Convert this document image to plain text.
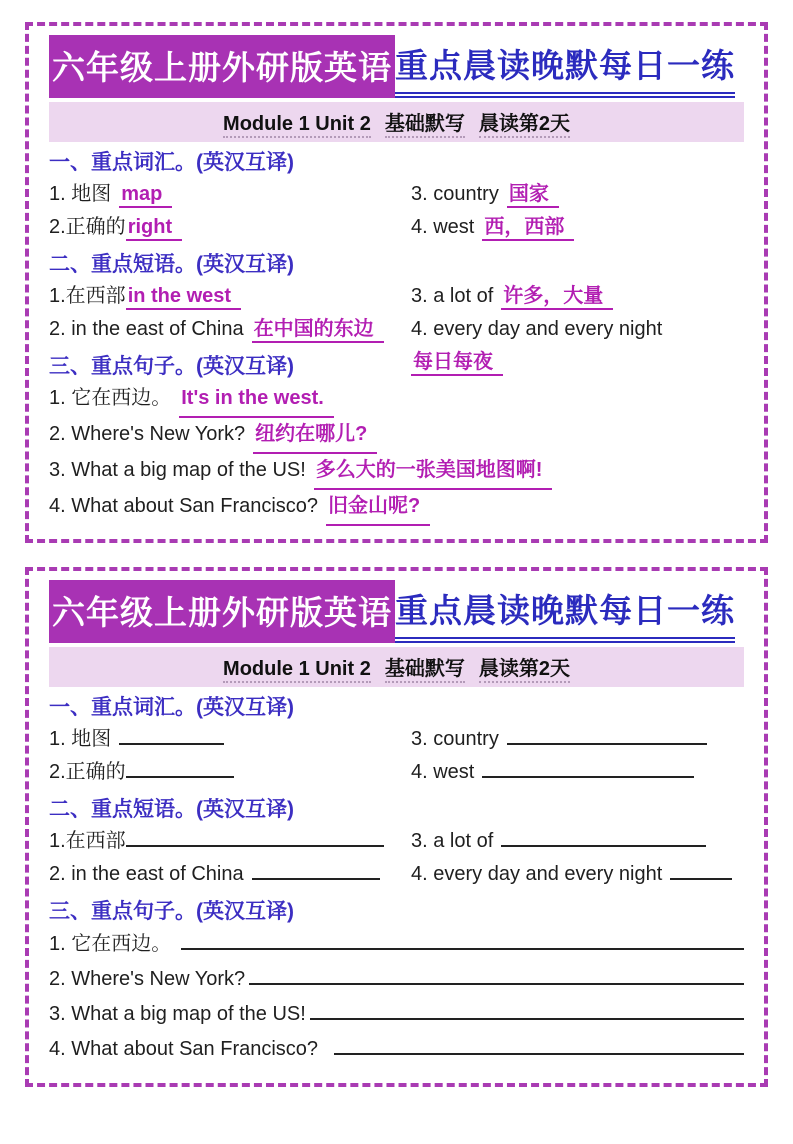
六年级上册外研版英语 重点晨读晚默每日一练
Module 1 Unit 2 基础默写 晨读第2天
一、重点词汇。(英汉互译)
1. 地图 map
2.正确的 right
3. country 国家
4. west 西，西部
二、重点短语。(英汉互译)
1.在西部 in the west
2. in the east of China 在中国的东边
3. a lot of 许多，大量
4. every day and every night每日每夜
三、重点句子。(英汉互译)
1. 它在西边。 It's in the west.
2. Where's New York? 纽约在哪儿?
3. What a big map of the US! 多么大的一张美国地图啊!
4. What about San Francisco? 旧金山呢?
六年级上册外研版英语 重点晨读晚默每日一练
Module 1 Unit 2 基础默写 晨读第2天
一、重点词汇。(英汉互译)
1. 地图
2.正确的
3. country
4. west
二、重点短语。(英汉互译)
1.在西部
2. in the east of China
3. a lot of
4. every day and every night
三、重点句子。(英汉互译)
1. 它在西边。
2. Where's New York?
3. What a big map of the US!
4. What about San Francisco?
